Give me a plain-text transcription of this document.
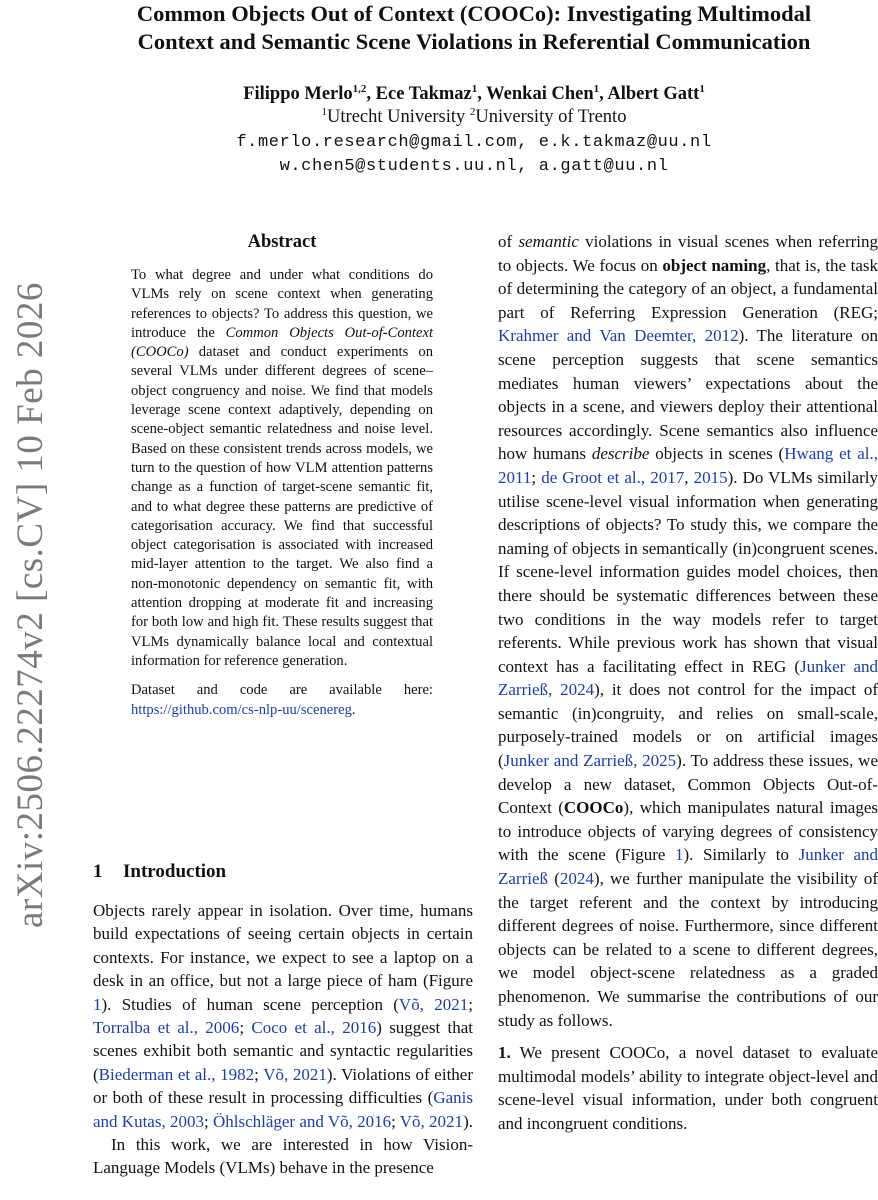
arXiv:2506.22274v2 [cs.CV] 10 Feb 2026
Common Objects Out of Context (COOCo): Investigating Multimodal
Context and Semantic Scene Violations in Referential Communication
Filippo Merlo$^{1,2}$, Ece Takmaz$^1$, Wenkai Chen$^1$, Albert Gatt$^1$
$^1$Utrecht University $^2$University of Trento
f.merlo.research@gmail.com, e.k.takmaz@uu.nl
w.chen5@students.uu.nl, a.gatt@uu.nl
Abstract

To what degree and under what conditions do VLMs rely on scene context when generating references to objects? To address this question, we introduce the Common Objects Out-of-Context (COOCo) dataset and conduct experiments on several VLMs under different degrees of scene–object congruency and noise. We find that models leverage scene context adaptively, depending on scene-object semantic relatedness and noise level. Based on these consistent trends across models, we turn to the question of how VLM attention patterns change as a function of target-scene semantic fit, and to what degree these patterns are predictive of categorisation accuracy. We find that successful object categorisation is associated with increased mid-layer attention to the target. We also find a non-monotonic dependency on semantic fit, with attention dropping at moderate fit and increasing for both low and high fit. These results suggest that VLMs dynamically balance local and contextual information for reference generation.

Dataset and code are available here: https://github.com/cs-nlp-uu/scenereg.

1 Introduction

Objects rarely appear in isolation. Over time, humans build expectations of seeing certain objects in certain contexts. For instance, we expect to see a laptop on a desk in an office, but not a large piece of ham (Figure 1). Studies of human scene perception (Võ, 2021; Torralba et al., 2006; Coco et al., 2016) suggest that scenes exhibit both semantic and syntactic regularities (Biederman et al., 1982; Võ, 2021). Violations of either or both of these result in processing difficulties (Ganis and Kutas, 2003; Öhlschläger and Võ, 2016; Võ, 2021).

In this work, we are interested in how Vision-Language Models (VLMs) behave in the presence

of semantic violations in visual scenes when referring to objects. We focus on object naming, that is, the task of determining the category of an object, a fundamental part of Referring Expression Generation (REG; Krahmer and Van Deemter, 2012). The literature on scene perception suggests that scene semantics mediates human viewers’ expectations about the objects in a scene, and viewers deploy their attentional resources accordingly. Scene semantics also influence how humans describe objects in scenes (Hwang et al., 2011; de Groot et al., 2017, 2015). Do VLMs similarly utilise scene-level visual information when generating descriptions of objects? To study this, we compare the naming of objects in semantically (in)congruent scenes. If scene-level information guides model choices, then there should be systematic differences between these two conditions in the way models refer to target referents. While previous work has shown that visual context has a facilitating effect in REG (Junker and Zarrieß, 2024), it does not control for the impact of semantic (in)congruity, and relies on small-scale, purposely-trained models or on artificial images (Junker and Zarrieß, 2025). To address these issues, we develop a new dataset, Common Objects Out-of-Context (COOCo), which manipulates natural images to introduce objects of varying degrees of consistency with the scene (Figure 1). Similarly to Junker and Zarrieß (2024), we further manipulate the visibility of the target referent and the context by introducing different degrees of noise. Furthermore, since different objects can be related to a scene to different degrees, we model object-scene relatedness as a graded phenomenon. We summarise the contributions of our study as follows.

1. We present COOCo, a novel dataset to evaluate multimodal models’ ability to integrate object-level and scene-level visual information, under both congruent and incongruent conditions.
